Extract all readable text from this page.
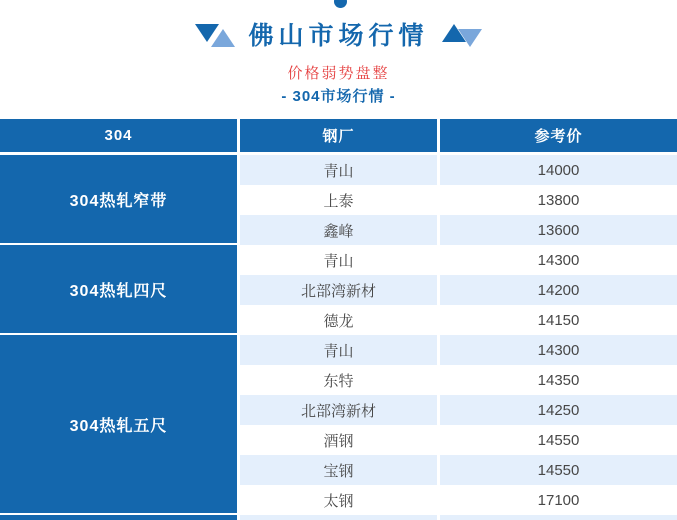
佛山市场行情
价格弱势盘整
- 304市场行情 -
304	钢厂	参考价
304热轧窄带
青山	14000
上泰	13800
鑫峰	13600
304热轧四尺
青山	14300
北部湾新材	14200
德龙	14150
304热轧五尺
青山	14300
东特	14350
北部湾新材	14250
酒钢	14550
宝钢	14550
太钢	17100
